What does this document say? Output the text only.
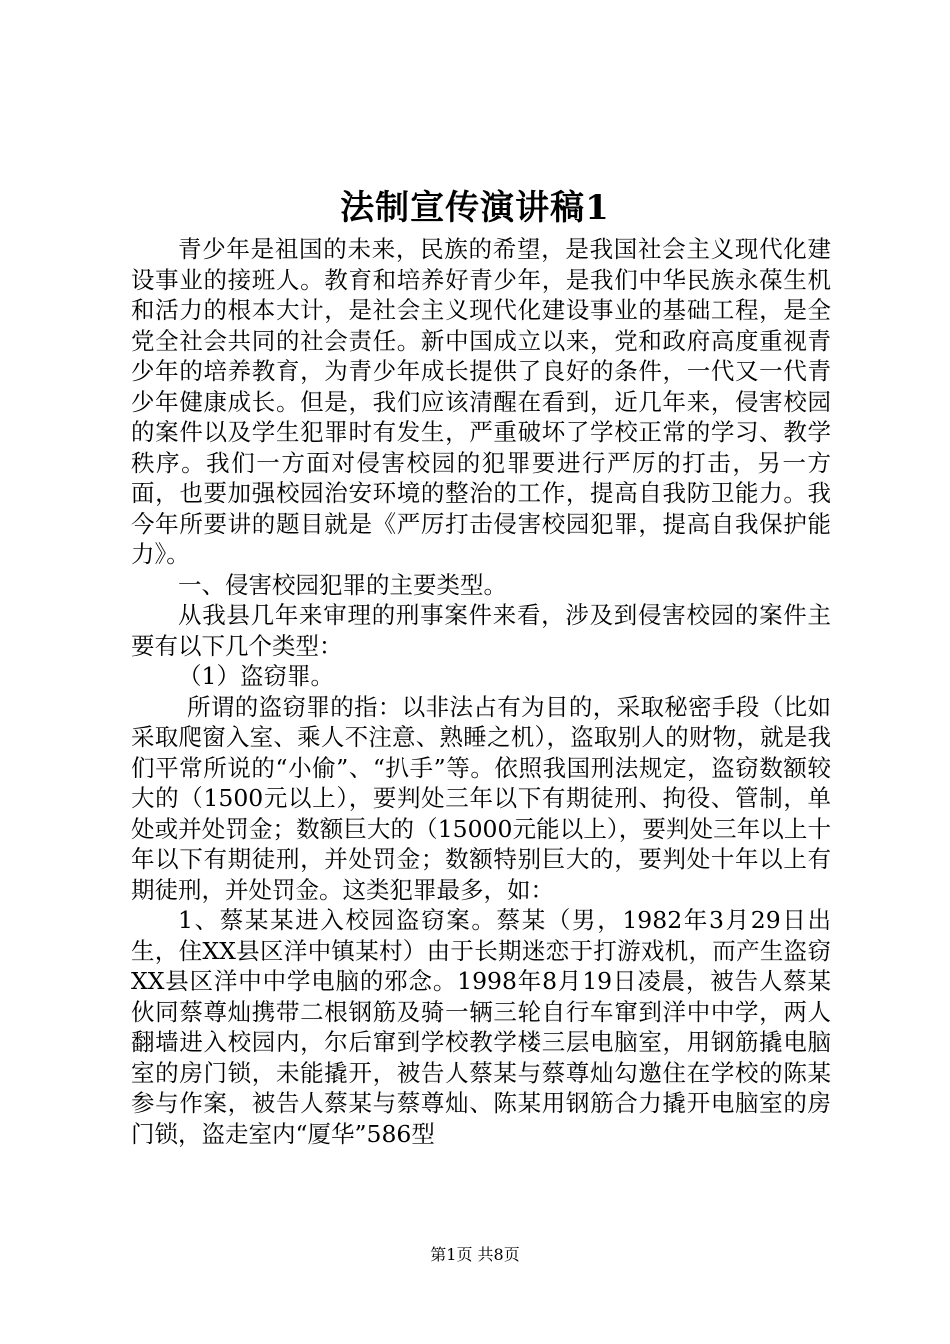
法制宣传演讲稿1

青少年是祖国的未来，民族的希望，是我国社会主义现代化建设事业的接班人。教育和培养好青少年，是我们中华民族永葆生机和活力的根本大计，是社会主义现代化建设事业的基础工程，是全党全社会共同的社会责任。新中国成立以来，党和政府高度重视青少年的培养教育，为青少年成长提供了良好的条件，一代又一代青少年健康成长。但是，我们应该清醒在看到，近几年来，侵害校园的案件以及学生犯罪时有发生，严重破坏了学校正常的学习、教学秩序。我们一方面对侵害校园的犯罪要进行严厉的打击，另一方面，也要加强校园治安环境的整治的工作，提高自我防卫能力。我今年所要讲的题目就是《严厉打击侵害校园犯罪，提高自我保护能力》。

一、侵害校园犯罪的主要类型。

从我县几年来审理的刑事案件来看，涉及到侵害校园的案件主要有以下几个类型：

（1）盗窃罪。

所谓的盗窃罪的指：以非法占有为目的，采取秘密手段（比如采取爬窗入室、乘人不注意、熟睡之机），盗取别人的财物，就是我们平常所说的“小偷”、“扒手”等。依照我国刑法规定，盗窃数额较大的（1500元以上），要判处三年以下有期徒刑、拘役、管制，单处或并处罚金；数额巨大的（15000元能以上），要判处三年以上十年以下有期徒刑，并处罚金；数额特别巨大的，要判处十年以上有期徒刑，并处罚金。这类犯罪最多，如：

1、蔡某某进入校园盗窃案。蔡某（男，1982年3月29日出生，住XX县区洋中镇某村）由于长期迷恋于打游戏机，而产生盗窃XX县区洋中中学电脑的邪念。1998年8月19日凌晨，被告人蔡某伙同蔡尊灿携带二根钢筋及骑一辆三轮自行车窜到洋中中学，两人翻墙进入校园内，尔后窜到学校教学楼三层电脑室，用钢筋撬电脑室的房门锁，未能撬开，被告人蔡某与蔡尊灿勾邀住在学校的陈某参与作案，被告人蔡某与蔡尊灿、陈某用钢筋合力撬开电脑室的房门锁，盗走室内“厦华”586型

第1页 共8页
